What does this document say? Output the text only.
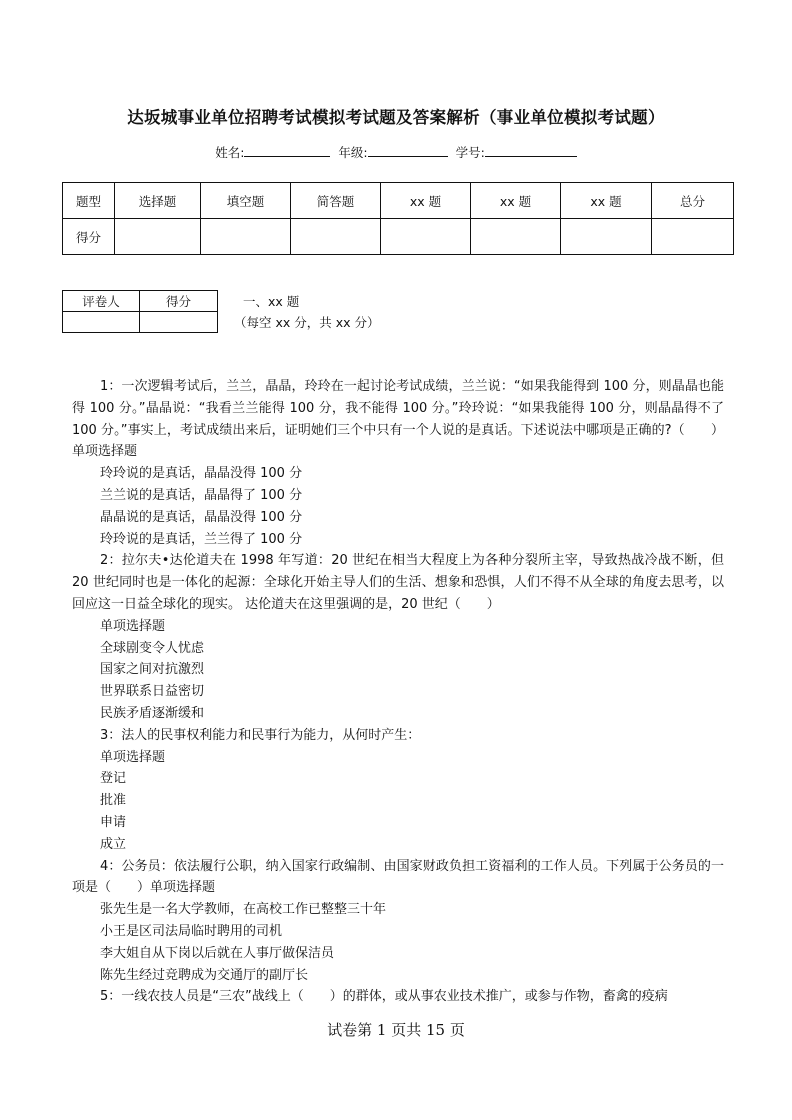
达坂城事业单位招聘考试模拟考试题及答案解析（事业单位模拟考试题）
姓名:	年级:	学号:
题型	选择题	填空题	简答题	xx 题	xx 题	xx 题	总分
得分							
评卷人	得分
		一、xx 题
（每空 xx 分，共 xx 分）

1：一次逻辑考试后，兰兰，晶晶，玲玲在一起讨论考试成绩，兰兰说：“如果我能得到 100 分，则晶晶也能得 100 分。”晶晶说：“我看兰兰能得 100 分，我不能得 100 分。”玲玲说：“如果我能得 100 分，则晶晶得不了 100 分。”事实上，考试成绩出来后，证明她们三个中只有一个人说的是真话。下述说法中哪项是正确的?（　　）单项选择题

玲玲说的是真话，晶晶没得 100 分

兰兰说的是真话，晶晶得了 100 分

晶晶说的是真话，晶晶没得 100 分

玲玲说的是真话，兰兰得了 100 分

2：拉尔夫•达伦道夫在 1998 年写道：20 世纪在相当大程度上为各种分裂所主宰，导致热战冷战不断，但 20 世纪同时也是一体化的起源：全球化开始主导人们的生活、想象和恐惧，人们不得不从全球的角度去思考，以回应这一日益全球化的现实。 达伦道夫在这里强调的是，20 世纪（　　）

单项选择题

全球剧变令人忧虑

国家之间对抗激烈

世界联系日益密切

民族矛盾逐渐缓和

3：法人的民事权利能力和民事行为能力，从何时产生：

单项选择题

登记

批准

申请

成立

4：公务员：依法履行公职，纳入国家行政编制、由国家财政负担工资福利的工作人员。下列属于公务员的一项是（　　）单项选择题

张先生是一名大学教师，在高校工作已整整三十年

小王是区司法局临时聘用的司机

李大姐自从下岗以后就在人事厅做保洁员

陈先生经过竞聘成为交通厅的副厅长

5：一线农技人员是“三农”战线上（　　）的群体，或从事农业技术推广，或参与作物，畜禽的疫病

试卷第 1 页共 15 页
